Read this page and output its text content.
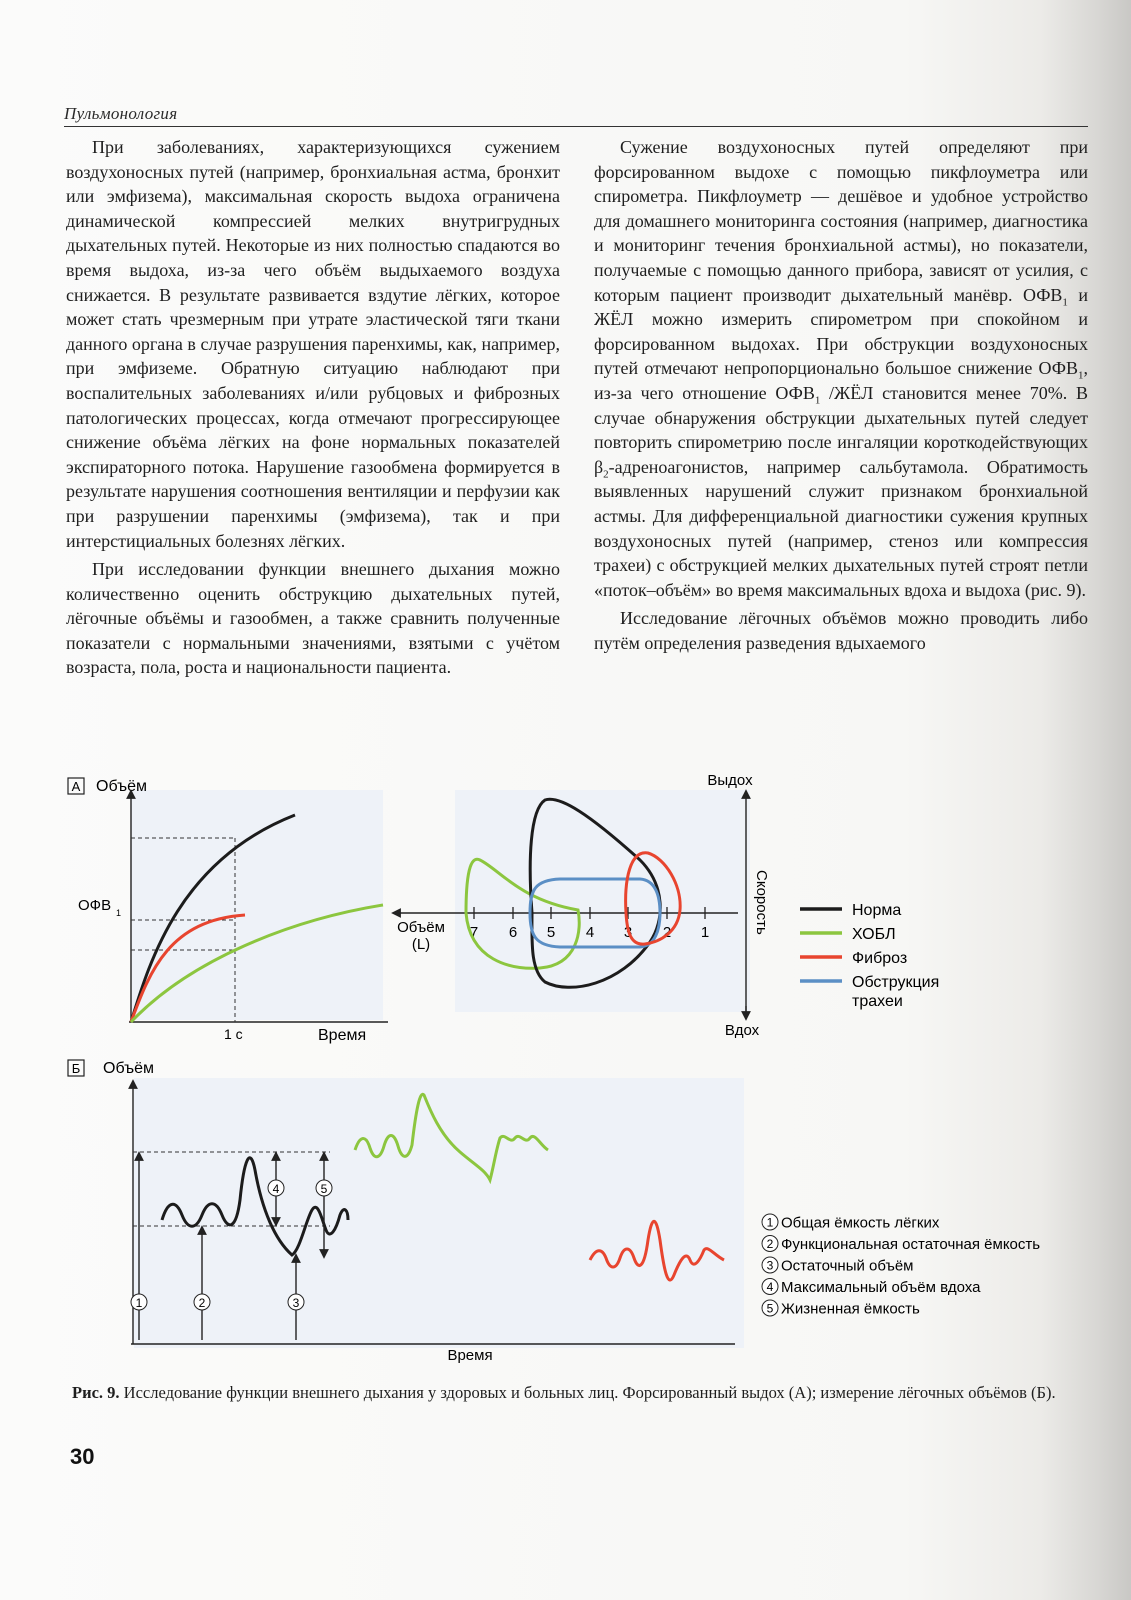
Пульмонология

При заболеваниях, характеризующихся сужением воздухоносных путей (например, бронхиальная астма, бронхит или эмфизема), максимальная скорость выдоха ограничена динамической компрессией мелких внутригрудных дыхательных путей. Некоторые из них полностью спадаются во время выдоха, из-за чего объём выдыхаемого воздуха снижается. В результате развивается вздутие лёгких, которое может стать чрезмерным при утрате эластической тяги ткани данного органа в случае разрушения паренхимы, как, например, при эмфиземе. Обратную ситуацию наблюдают при воспалительных заболеваниях и/или рубцовых и фиброзных патологических процессах, когда отмечают прогрессирующее снижение объёма лёгких на фоне нормальных показателей экспираторного потока. Нарушение газообмена формируется в результате нарушения соотношения вентиляции и перфузии как при разрушении паренхимы (эмфизема), так и при интерстициальных болезнях лёгких.

При исследовании функции внешнего дыхания можно количественно оценить обструкцию дыхательных путей, лёгочные объёмы и газообмен, а также сравнить полученные показатели с нормальными значениями, взятыми с учётом возраста, пола, роста и национальности пациента.

Сужение воздухоносных путей определяют при форсированном выдохе с помощью пикфлоуметра или спирометра. Пикфлоуметр — дешёвое и удобное устройство для домашнего мониторинга состояния (например, диагностика и мониторинг течения бронхиальной астмы), но показатели, получаемые с помощью данного прибора, зависят от усилия, с которым пациент производит дыхательный манёвр. $ОФВ_1$ и ЖЁЛ можно измерить спирометром при спокойном и форсированном выдохах. При обструкции воздухоносных путей отмечают непропорционально большое снижение $ОФВ_1$, из-за чего отношение $ОФВ_1$ /ЖЁЛ становится менее 70%. В случае обнаружения обструкции дыхательных путей следует повторить спирометрию после ингаляции короткодействующих $\beta_2$-адреноагонистов, например сальбутамола. Обратимость выявленных нарушений служит признаком бронхиальной астмы. Для дифференциальной диагностики сужения крупных воздухоносных путей (например, стеноз или компрессия трахеи) с обструкцией мелких дыхательных путей строят петли «поток–объём» во время максимальных вдоха и выдоха (рис. 9).

Исследование лёгочных объёмов можно проводить либо путём определения разведения вдыхаемого

А Объём
ОФВ 1
1 с	Время
Выдох
Вдох
Скорость
Объём
(L)
7 6 5 4 3 2 1
Норма
ХОБЛ
Фиброз
Обструкция
трахеи
Б Объём
Время
1	2	3
4	5
1 Общая ёмкость лёгких
2 Функциональная остаточная ёмкость
3 Остаточный объём
4 Максимальный объём вдоха
5 Жизненная ёмкость
Рис. 9. Исследование функции внешнего дыхания у здоровых и больных лиц. Форсированный выдох (А); измерение лёгочных объёмов (Б).
30
